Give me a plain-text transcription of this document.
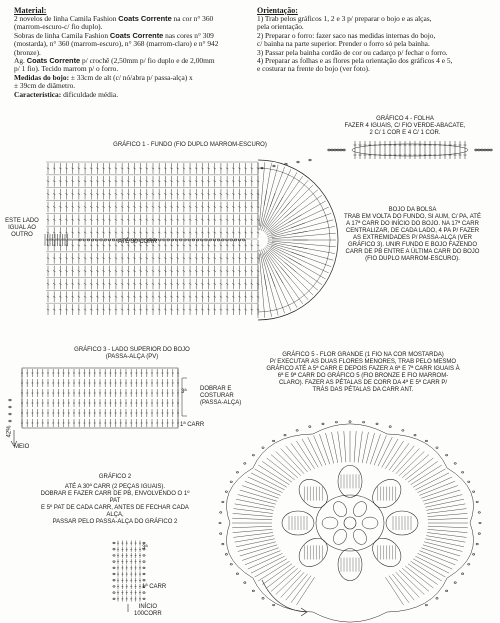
Material:
2 novelos de linha Camila Fashion Coats Corrente na cor n° 360
(marrom-escuro-c/ fio duplo).
Sobras de linha Camila Fashion Coats Corrente nas cores n° 309
(mostarda), n° 360 (marrom-escuro), n° 368 (marrom-claro) e n° 942
(bronze).
Ag. Coats Corrente p/ crochê (2,50mm p/ fio duplo e de 2,00mm
p/ 1 fio). Tecido marrom p/ o forro.
Medidas do bojo: ± 33cm de alt (c/ nó/abra p/ passa-alça) x
± 39cm de diâmetro.
Característica: dificuldade média.
Orientação:
1) Trab pelos gráficos 1, 2 e 3 p/ preparar o bojo e as alças,
pela orientação.
2) Preparar o forro: fazer saco nas medidas internas do bojo,
c/ bainha na parte superior. Prender o forro só pela bainha.
3) Passar pela bainha cordão de cor ou cadarço p/ fechar o forro.
4) Preparar as folhas e as flores pela orientação dos gráficos 4 e 5,
e costurar na frente do bojo (ver foto).
GRÁFICO 4 - FOLHA
FAZER 4 IGUAIS, C/ FIO VERDE-ABACATE,
2 C/ 1 COR E 4 C/ 1 COR.
GRÁFICO 1 - FUNDO (FIO DUPLO MARROM-ESCURO)
ESTE LADO IGUAL AO OUTRO
ATÉ 30 CORR
BOJO DA BOLSA
TRAB EM VOLTA DO FUNDO, SI AUM, C/ PA, ATÉ
A 17ª CARR DO INÍCIO DO BOJO. NA 17ª CARR
CENTRALIZAR, DE CADA LADO, 4 PA P/ FAZER
AS EXTREMIDADES P/ PASSA-ALÇA (VER
GRÁFICO 3). UNIR FUNDO E BOJO FAZENDO
CARR DE PB ENTRE A ÚLTIMA CARR DO BOJO
(FIO DUPLO MARROM-ESCURO).
GRÁFICO 3 - LADO SUPERIOR DO BOJO
(PASSA-ALÇA (PV)
DOBRAR E
COSTURAR
(PASSA-ALÇA)
1ª CARR
3ª
MEIO
42%
GRÁFICO 2
ATÉ A 30ª CARR (2 PEÇAS IGUAIS).
DOBRAR E FAZER CARR DE PB, ENVOLVENDO O 1º PAT
E 5º PAT DE CADA CARR, ANTES DE FECHAR CADA ALÇA,
PASSAR PELO PASSA-ALÇA DO GRÁFICO 2
3ª
1ª CARR
INÍCIO
100CORR
GRÁFICO 5 - FLOR GRANDE (1 FIO NA COR MOSTARDA)
P/ EXECUTAR AS DUAS FLORES MENORES, TRAB PELO MESMO
GRÁFICO ATÉ A 5ª CARR E DEPOIS FAZER A 6ª E 7ª CARR IGUAIS À
6ª E 9ª CARR DO GRÁFICO 5 (FIO BRONZE E FIO MARROM-
CLARO). FAZER AS PÉTALAS DE CORR DA 4ª E 5ª CARR P/
TRÁS DAS PÉTALAS DA CARR ANT.
